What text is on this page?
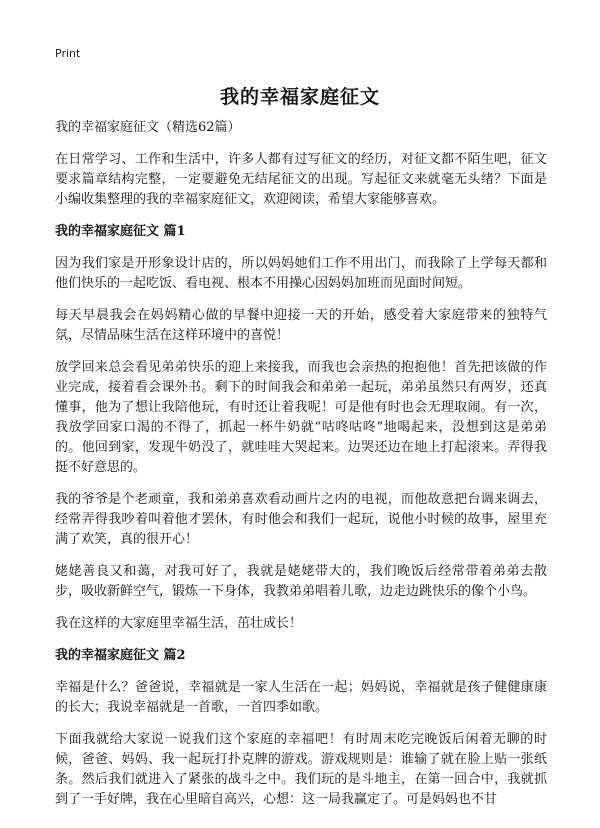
Print
我的幸福家庭征文

我的幸福家庭征文（精选62篇）

在日常学习、工作和生活中，许多人都有过写征文的经历，对征文都不陌生吧，征文要求篇章结构完整，一定要避免无结尾征文的出现。写起征文来就毫无头绪？下面是小编收集整理的我的幸福家庭征文，欢迎阅读，希望大家能够喜欢。

我的幸福家庭征文 篇1

因为我们家是开形象设计店的，所以妈妈她们工作不用出门，而我除了上学每天都和他们快乐的一起吃饭、看电视、根本不用操心因妈妈加班而见面时间短。

每天早晨我会在妈妈精心做的早餐中迎接一天的开始，感受着大家庭带来的独特气氛，尽情品味生活在这样环境中的喜悦！

放学回来总会看见弟弟快乐的迎上来接我，而我也会亲热的抱抱他！首先把该做的作业完成，接着看会课外书。剩下的时间我会和弟弟一起玩，弟弟虽然只有两岁，还真懂事，他为了想让我陪他玩，有时还让着我呢！可是他有时也会无理取闹。有一次，我放学回家口渴的不得了，抓起一杯牛奶就“咕咚咕咚”地喝起来，没想到这是弟弟的。他回到家，发现牛奶没了，就哇哇大哭起来。边哭还边在地上打起滚来。弄得我挺不好意思的。

我的爷爷是个老顽童，我和弟弟喜欢看动画片之内的电视，而他故意把台调来调去，经常弄得我吵着叫着他才罢休，有时他会和我们一起玩，说他小时候的故事，屋里充满了欢笑，真的很开心！

姥姥善良又和蔼，对我可好了，我就是姥姥带大的，我们晚饭后经常带着弟弟去散步，吸收新鲜空气，锻炼一下身体，我教弟弟唱着儿歌，边走边跳快乐的像个小鸟。

我在这样的大家庭里幸福生活，茁壮成长！

我的幸福家庭征文 篇2

幸福是什么？爸爸说，幸福就是一家人生活在一起；妈妈说，幸福就是孩子健健康康的长大；我说幸福就是一首歌，一首四季如歌。

下面我就给大家说一说我们这个家庭的幸福吧！有时周末吃完晚饭后闲着无聊的时候，爸爸、妈妈、我一起玩打扑克牌的游戏。游戏规则是：谁输了就在脸上贴一张纸条。然后我们就进入了紧张的战斗之中。我们玩的是斗地主，在第一回合中，我就抓到了一手好牌，我在心里暗自高兴，心想：这一局我赢定了。可是妈妈也不甘
